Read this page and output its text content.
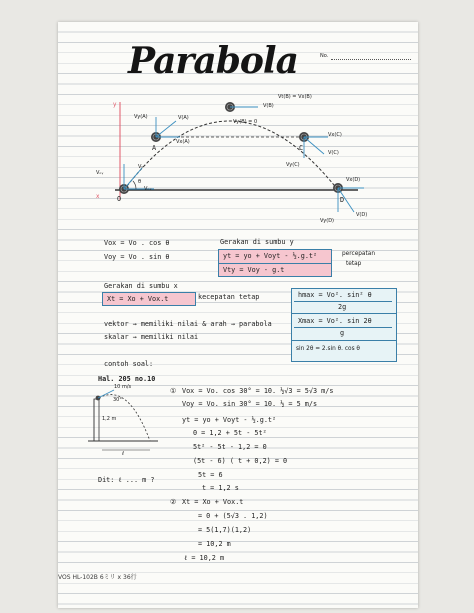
No.
Parabola
y
x	O
A	C
D
V₀
Vₒₓ
Vₒᵧ
Vy(A)
Vx(A)
V(A)
V(B)
Vy(B) = 0
Vt(B) = Vx(B)
Vx(C)
V(C)
Vy(C)
Vx(D)
V(D)
Vy(D)
θ
Vox = Vo . cos θ
Voy = Vo . sin θ
Gerakan di sumbu y
yt = yo + Voyt - ½.g.t²
Vty = Voy - g.t
percepatan
tetap
Gerakan di sumbu x
Xt = Xo + Vox.t	kecepatan tetap	hmax = Vo². sin² θ
2g
Xmax = Vo². sin 2θ
g
sin 2θ = 2.sin θ. cos θ
vektor → memiliki nilai & arah → parabola
skalar → memiliki nilai
contoh soal:
Hal. 205 no.10
10 m/s
30°
1,2 m
ℓ
Dit: ℓ ... m ?
① Vox = Vo. cos 30° = 10. ½√3 = 5√3 m/s
Voy = Vo. sin 30° = 10. ½ = 5 m/s
yt = yo + Voyt - ½.g.t²
0 = 1,2 + 5t - 5t²
5t² - 5t - 1,2 = 0
(5t - 6) ( t + 0,2) = 0
5t = 6
t = 1,2 s
② Xt = Xo + Vox.t
= 0 + (5√3 . 1,2)
= 5(1,7)(1,2)
= 10,2 m
ℓ = 10,2 m
VOS HL-102B 6ミリ x 36行
